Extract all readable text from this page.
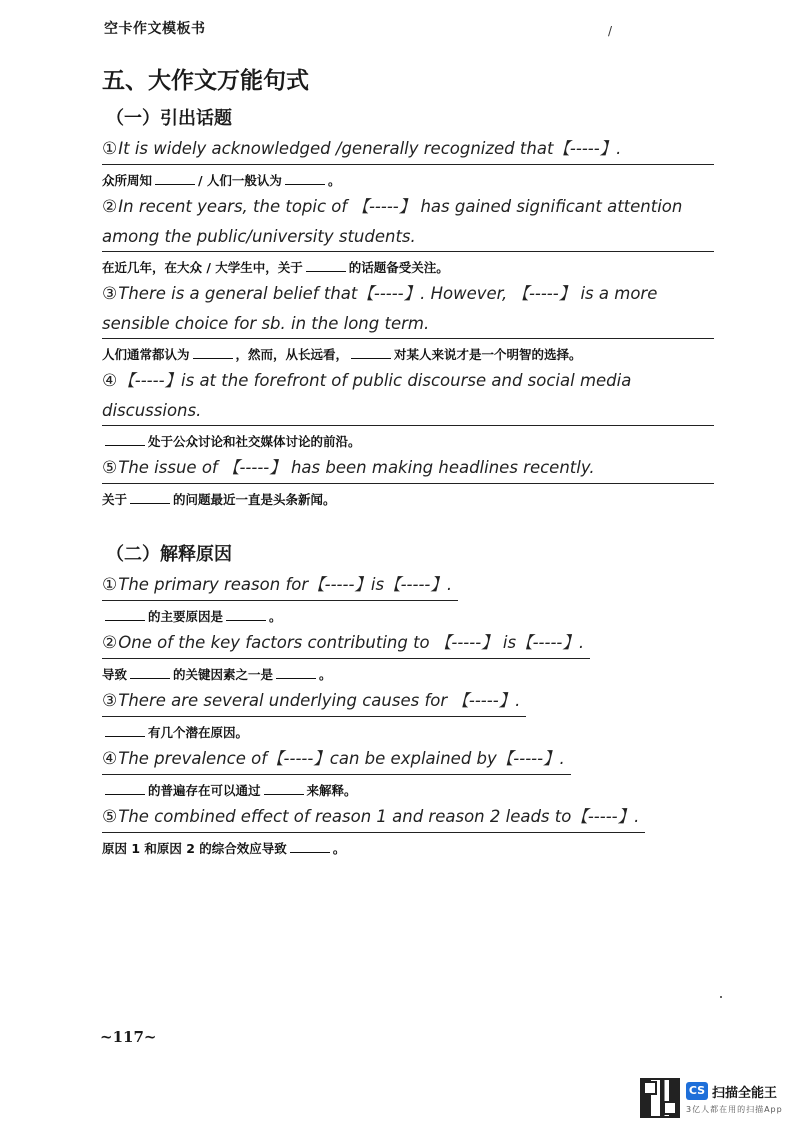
空卡作文模板书	/
五、大作文万能句式
（一）引出话题
①It is widely acknowledged /generally recognized that【-----】.
众所周知	/ 人们一般认为	。
②In recent years, the topic of 【-----】 has gained significant attention among the public/university students.
在近几年，在大众 / 大学生中，关于	的话题备受关注。
③There is a general belief that【-----】. However, 【-----】 is a more sensible choice for sb. in the long term.
人们通常都认为	，然而，从长远看，	对某人来说才是一个明智的选择。
④【-----】is at the forefront of public discourse and social media discussions.
处于公众讨论和社交媒体讨论的前沿。
⑤The issue of 【-----】 has been making headlines recently.
关于	的问题最近一直是头条新闻。
（二）解释原因
①The primary reason for【-----】is【-----】.
的主要原因是	。
②One of the key factors contributing to 【-----】 is【-----】.
导致	的关键因素之一是	。
③There are several underlying causes for 【-----】.
有几个潜在原因。
④The prevalence of【-----】can be explained by【-----】.
的普遍存在可以通过	来解释。
⑤The combined effect of reason 1 and reason 2 leads to【-----】.
原因 1 和原因 2 的综合效应导致	。
~117~
CS 扫描全能王
3亿人都在用的扫描App
